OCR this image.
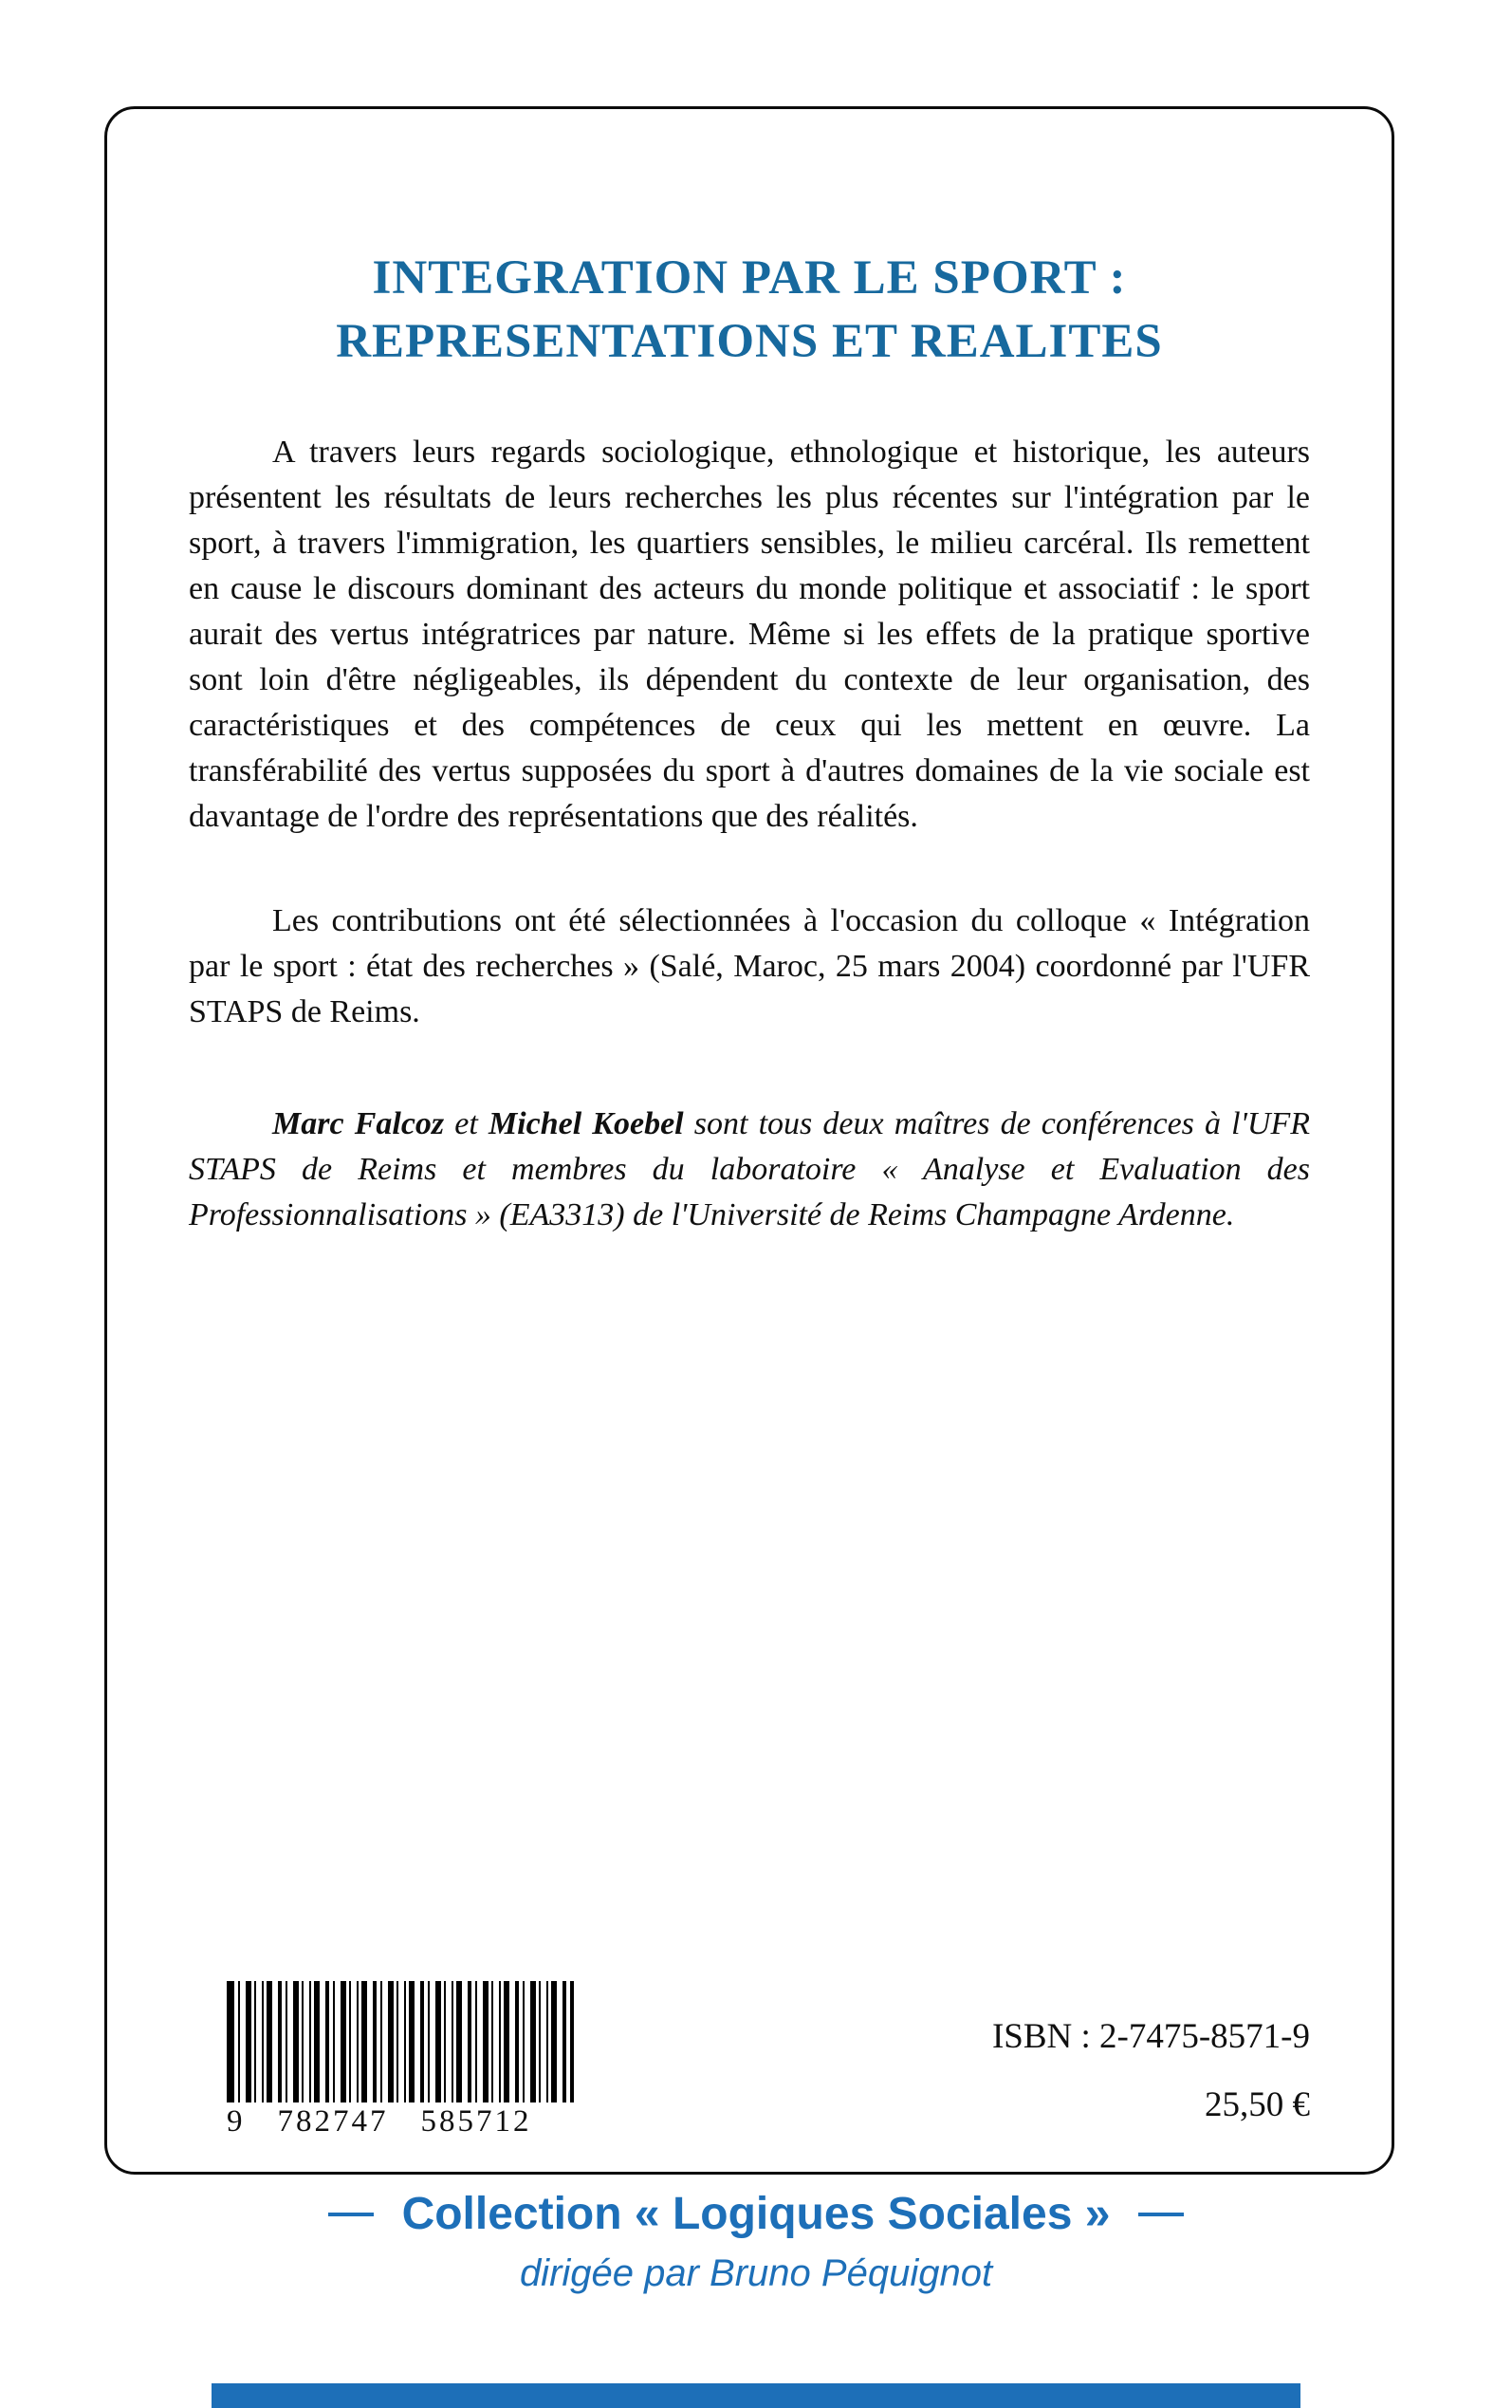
INTEGRATION PAR LE SPORT :
REPRESENTATIONS ET REALITES

A travers leurs regards sociologique, ethnologique et historique, les auteurs présentent les résultats de leurs recherches les plus récentes sur l'intégration par le sport, à travers l'immigration, les quartiers sensibles, le milieu carcéral. Ils remettent en cause le discours dominant des acteurs du monde politique et associatif : le sport aurait des vertus intégratrices par nature. Même si les effets de la pratique sportive sont loin d'être négligeables, ils dépendent du contexte de leur organisation, des caractéristiques et des compétences de ceux qui les mettent en œuvre. La transférabilité des vertus supposées du sport à d'autres domaines de la vie sociale est davantage de l'ordre des représentations que des réalités.

Les contributions ont été sélectionnées à l'occasion du colloque « Intégration par le sport : état des recherches » (Salé, Maroc, 25 mars 2004) coordonné par l'UFR STAPS de Reims.

Marc Falcoz et Michel Koebel sont tous deux maîtres de conférences à l'UFR STAPS de Reims et membres du laboratoire « Analyse et Evaluation des Professionnalisations » (EA3313) de l'Université de Reims Champagne Ardenne.

9 782747 585712
ISBN : 2-7475-8571-9
25,50 €
Collection « Logiques Sociales »
dirigée par Bruno Péquignot
